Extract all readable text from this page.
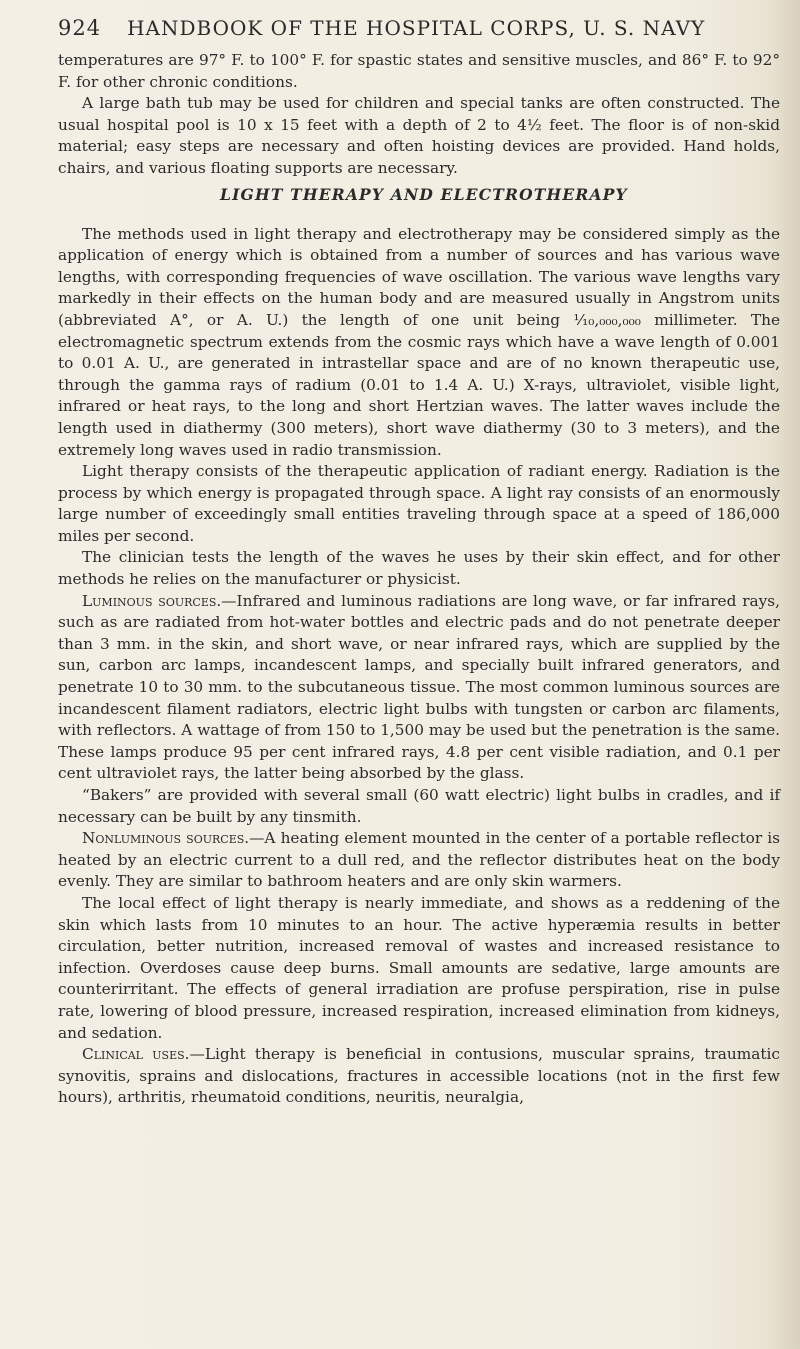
924 HANDBOOK OF THE HOSPITAL CORPS, U. S. NAVY

temperatures are 97° F. to 100° F. for spastic states and sensitive muscles, and 86° F. to 92° F. for other chronic conditions.

A large bath tub may be used for children and special tanks are often constructed. The usual hospital pool is 10 x 15 feet with a depth of 2 to 4½ feet. The floor is of non-skid material; easy steps are necessary and often hoisting devices are provided. Hand holds, chairs, and various floating supports are necessary.

LIGHT THERAPY AND ELECTROTHERAPY

The methods used in light therapy and electrotherapy may be considered simply as the application of energy which is obtained from a number of sources and has various wave lengths, with corresponding frequencies of wave oscillation. The various wave lengths vary markedly in their effects on the human body and are measured usually in Angstrom units (abbreviated A°, or A. U.) the length of one unit being ⅟₁₀,₀₀₀,₀₀₀ millimeter. The electromagnetic spectrum extends from the cosmic rays which have a wave length of 0.001 to 0.01 A. U., are generated in intrastellar space and are of no known therapeutic use, through the gamma rays of radium (0.01 to 1.4 A. U.) X-rays, ultraviolet, visible light, infrared or heat rays, to the long and short Hertzian waves. The latter waves include the length used in diathermy (300 meters), short wave diathermy (30 to 3 meters), and the extremely long waves used in radio transmission.

Light therapy consists of the therapeutic application of radiant energy. Radiation is the process by which energy is propagated through space. A light ray consists of an enormously large number of exceedingly small entities traveling through space at a speed of 186,000 miles per second.

The clinician tests the length of the waves he uses by their skin effect, and for other methods he relies on the manufacturer or physicist.

Luminous sources.—Infrared and luminous radiations are long wave, or far infrared rays, such as are radiated from hot-water bottles and electric pads and do not penetrate deeper than 3 mm. in the skin, and short wave, or near infrared rays, which are supplied by the sun, carbon arc lamps, incandescent lamps, and specially built infrared generators, and penetrate 10 to 30 mm. to the subcutaneous tissue. The most common luminous sources are incandescent filament radiators, electric light bulbs with tungsten or carbon arc filaments, with reflectors. A wattage of from 150 to 1,500 may be used but the penetration is the same. These lamps produce 95 per cent infrared rays, 4.8 per cent visible radiation, and 0.1 per cent ultraviolet rays, the latter being absorbed by the glass.

“Bakers” are provided with several small (60 watt electric) light bulbs in cradles, and if necessary can be built by any tinsmith.

Nonluminous sources.—A heating element mounted in the center of a portable reflector is heated by an electric current to a dull red, and the reflector distributes heat on the body evenly. They are similar to bathroom heaters and are only skin warmers.

The local effect of light therapy is nearly immediate, and shows as a reddening of the skin which lasts from 10 minutes to an hour. The active hyperæmia results in better circulation, better nutrition, increased removal of wastes and increased resistance to infection. Overdoses cause deep burns. Small amounts are sedative, large amounts are counterirritant. The effects of general irradiation are profuse perspiration, rise in pulse rate, lowering of blood pressure, increased respiration, increased elimination from kidneys, and sedation.

Clinical uses.—Light therapy is beneficial in contusions, muscular sprains, traumatic synovitis, sprains and dislocations, fractures in accessible locations (not in the first few hours), arthritis, rheumatoid conditions, neuritis, neuralgia,
